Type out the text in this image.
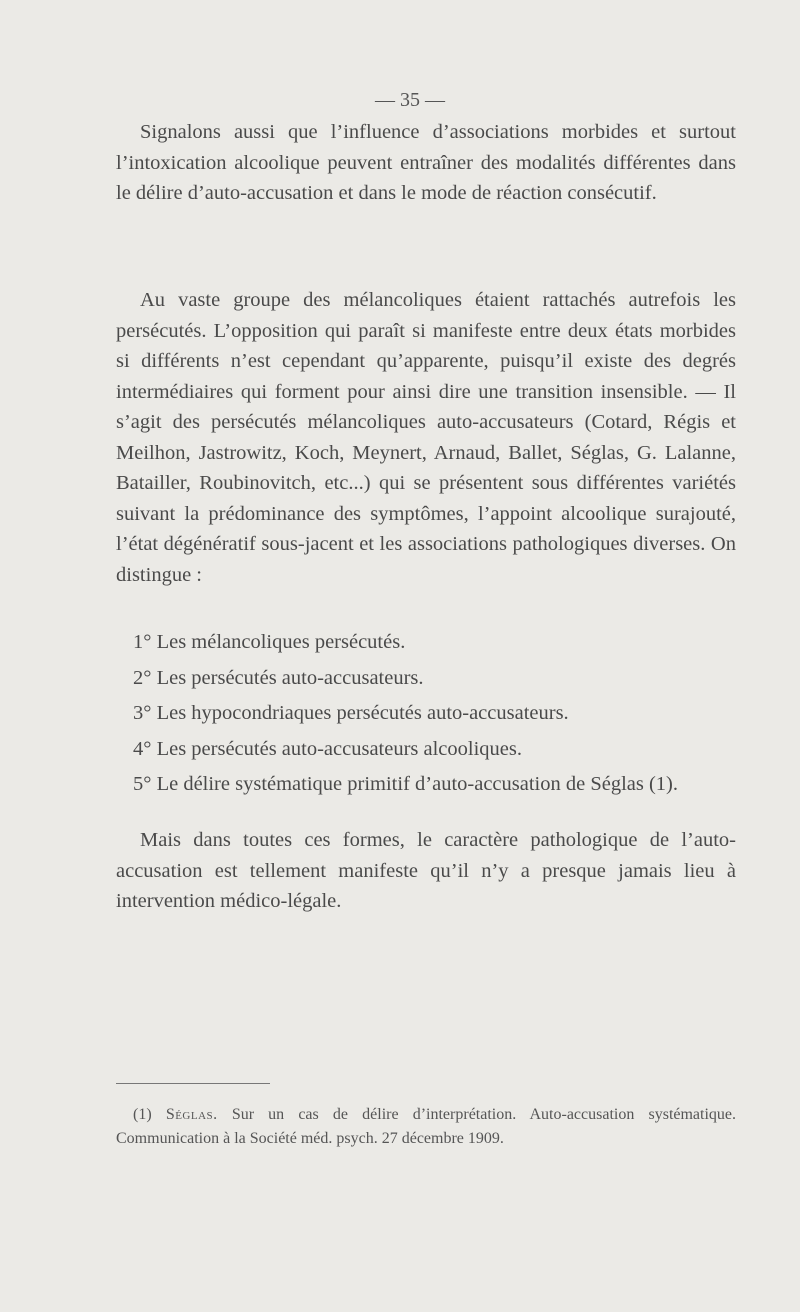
— 35 —

Signalons aussi que l’influence d’associations morbides et surtout l’intoxication alcoolique peuvent entraîner des modalités différentes dans le délire d’auto-accusation et dans le mode de réaction consécutif.

Au vaste groupe des mélancoliques étaient rattachés autrefois les persécutés. L’opposition qui paraît si manifeste entre deux états morbides si différents n’est cependant qu’apparente, puisqu’il existe des degrés intermédiaires qui forment pour ainsi dire une transition insensible. — Il s’agit des persécutés mélancoliques auto-accusateurs (Cotard, Régis et Meilhon, Jastrowitz, Koch, Meynert, Arnaud, Ballet, Séglas, G. Lalanne, Batailler, Roubinovitch, etc...) qui se présentent sous différentes variétés suivant la prédominance des symptômes, l’appoint alcoolique surajouté, l’état dégénératif sous-jacent et les associations pathologiques diverses. On distingue :

1° Les mélancoliques persécutés.
2° Les persécutés auto-accusateurs.
3° Les hypocondriaques persécutés auto-accusateurs.
4° Les persécutés auto-accusateurs alcooliques.
5° Le délire systématique primitif d’auto-accusation de Séglas (1).

Mais dans toutes ces formes, le caractère pathologique de l’auto-accusation est tellement manifeste qu’il n’y a presque jamais lieu à intervention médico-légale.

(1) Séglas. Sur un cas de délire d’interprétation. Auto-accusation systématique. Communication à la Société méd. psych. 27 décembre 1909.
